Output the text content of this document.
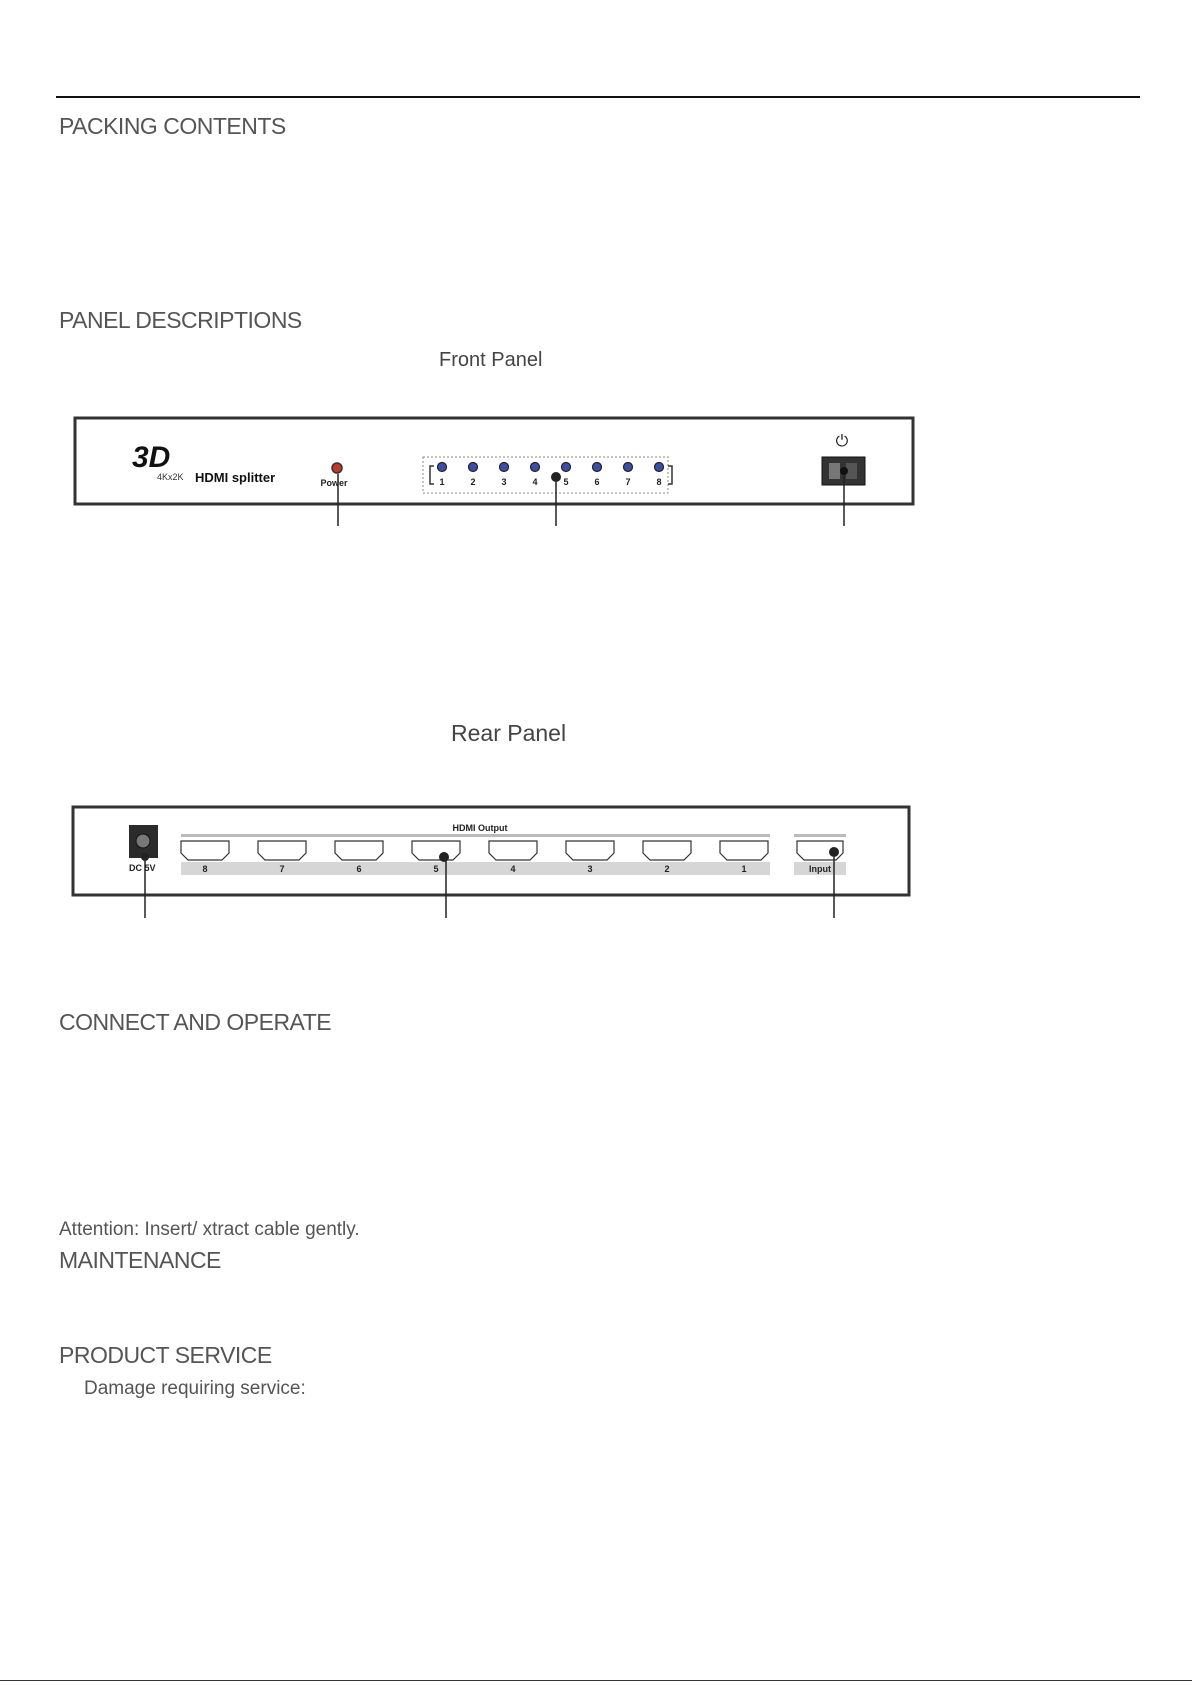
PACKING CONTENTS
PANEL DESCRIPTIONS
Front Panel
3D
4Kx2K HDMI splitter	Power	1	2	3	4	5	6	7	8
⏻
Rear Panel
DC 5V
HDMI Output
8	7	6	5	4	3	2	1	Input
CONNECT AND OPERATE
Attention: Insert/ xtract cable gently.
MAINTENANCE
PRODUCT SERVICE
Damage requiring service:
